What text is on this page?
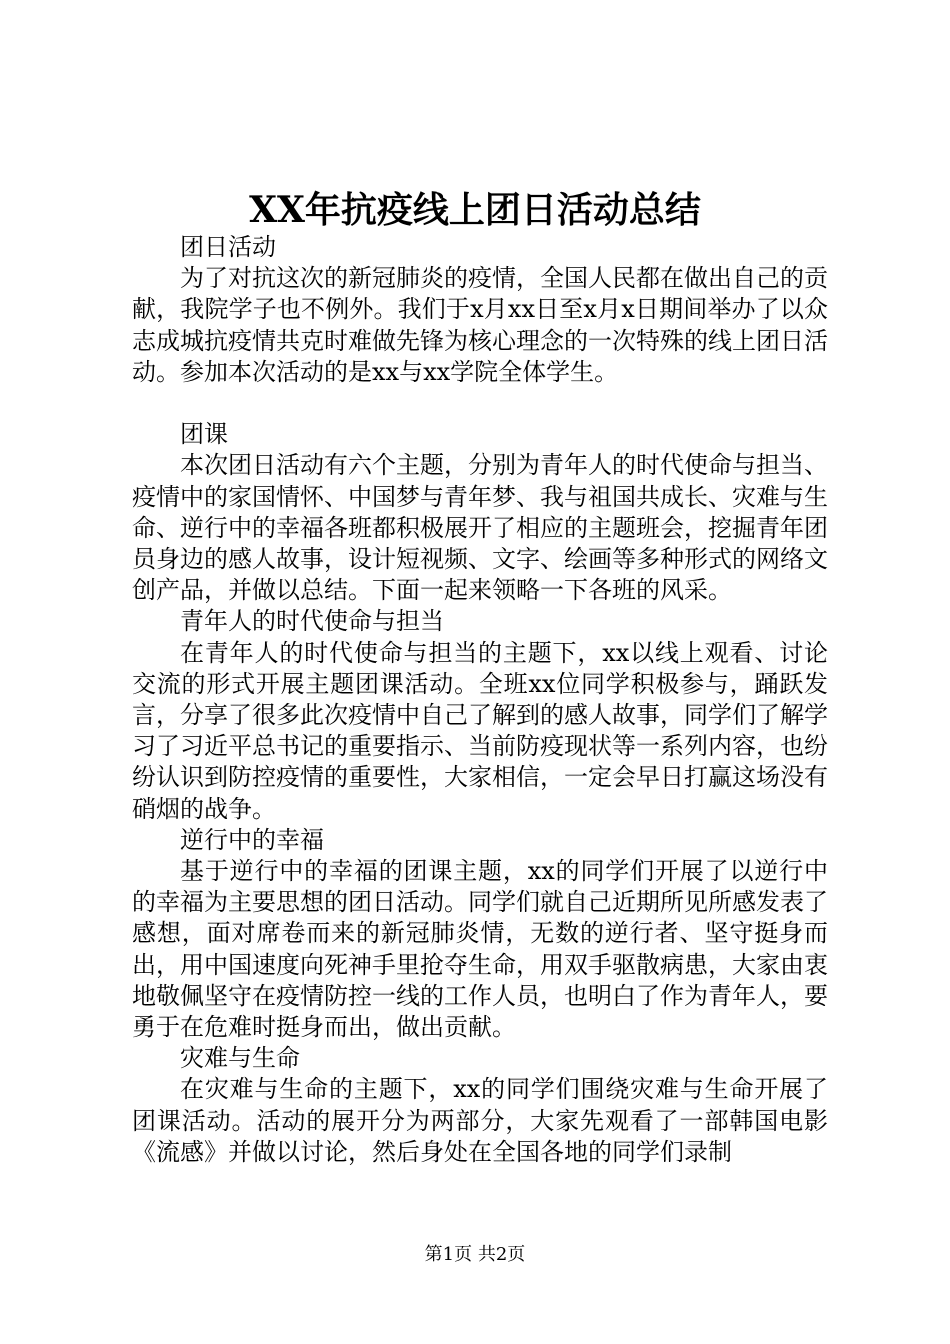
XX年抗疫线上团日活动总结

团日活动

为了对抗这次的新冠肺炎的疫情，全国人民都在做出自己的贡献，我院学子也不例外。我们于x月xx日至x月x日期间举办了以众志成城抗疫情共克时难做先锋为核心理念的一次特殊的线上团日活动。参加本次活动的是xx与xx学院全体学生。

团课

本次团日活动有六个主题，分别为青年人的时代使命与担当、疫情中的家国情怀、中国梦与青年梦、我与祖国共成长、灾难与生命、逆行中的幸福各班都积极展开了相应的主题班会，挖掘青年团员身边的感人故事，设计短视频、文字、绘画等多种形式的网络文创产品，并做以总结。下面一起来领略一下各班的风采。

青年人的时代使命与担当

在青年人的时代使命与担当的主题下，xx以线上观看、讨论交流的形式开展主题团课活动。全班xx位同学积极参与，踊跃发言，分享了很多此次疫情中自己了解到的感人故事，同学们了解学习了习近平总书记的重要指示、当前防疫现状等一系列内容，也纷纷认识到防控疫情的重要性，大家相信，一定会早日打赢这场没有硝烟的战争。

逆行中的幸福

基于逆行中的幸福的团课主题，xx的同学们开展了以逆行中的幸福为主要思想的团日活动。同学们就自己近期所见所感发表了感想，面对席卷而来的新冠肺炎情，无数的逆行者、坚守挺身而出，用中国速度向死神手里抢夺生命，用双手驱散病患，大家由衷地敬佩坚守在疫情防控一线的工作人员，也明白了作为青年人，要勇于在危难时挺身而出，做出贡献。

灾难与生命

在灾难与生命的主题下，xx的同学们围绕灾难与生命开展了团课活动。活动的展开分为两部分，大家先观看了一部韩国电影《流感》并做以讨论，然后身处在全国各地的同学们录制

第1页 共2页
